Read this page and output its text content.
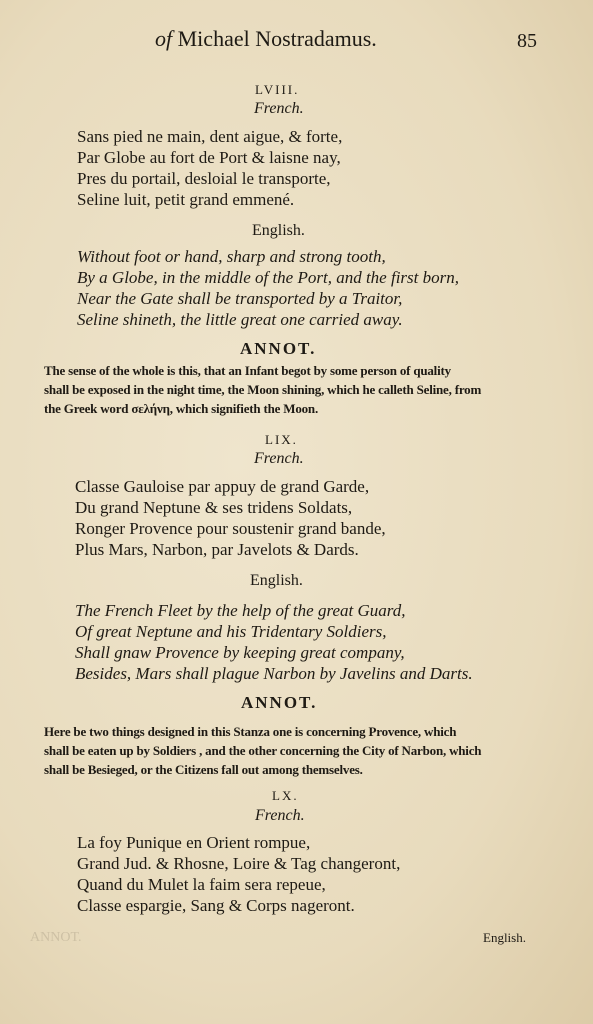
of Michael Nostradamus.	85
LVIII.
French.
Sans pied ne main, dent aigue, & forte,
Par Globe au fort de Port & laisne nay,
Pres du portail, desloial le transporte,
Seline luit, petit grand emmené.
English.
Without foot or hand, sharp and strong tooth,
By a Globe, in the middle of the Port, and the first born,
Near the Gate shall be transported by a Traitor,
Seline shineth, the little great one carried away.
ANNOT.
The sense of the whole is this, that an Infant begot by some person of quality
shall be exposed in the night time, the Moon shining, which he calleth Seline, from
the Greek word σελήνη, which signifieth the Moon.
LIX.
French.
Classe Gauloise par appuy de grand Garde,
Du grand Neptune & ses tridens Soldats,
Ronger Provence pour soustenir grand bande,
Plus Mars, Narbon, par Javelots & Dards.
English.
The French Fleet by the help of the great Guard,
Of great Neptune and his Tridentary Soldiers,
Shall gnaw Provence by keeping great company,
Besides, Mars shall plague Narbon by Javelins and Darts.
ANNOT.
Here be two things designed in this Stanza one is concerning Provence, which
shall be eaten up by Soldiers , and the other concerning the City of Narbon, which
shall be Besieged, or the Citizens fall out among themselves.
LX.
French.
La foy Punique en Orient rompue,
Grand Jud. & Rhosne, Loire & Tag changeront,
Quand du Mulet la faim sera repeue,
Classe espargie, Sang & Corps nageront.
ANNOT.	English.
